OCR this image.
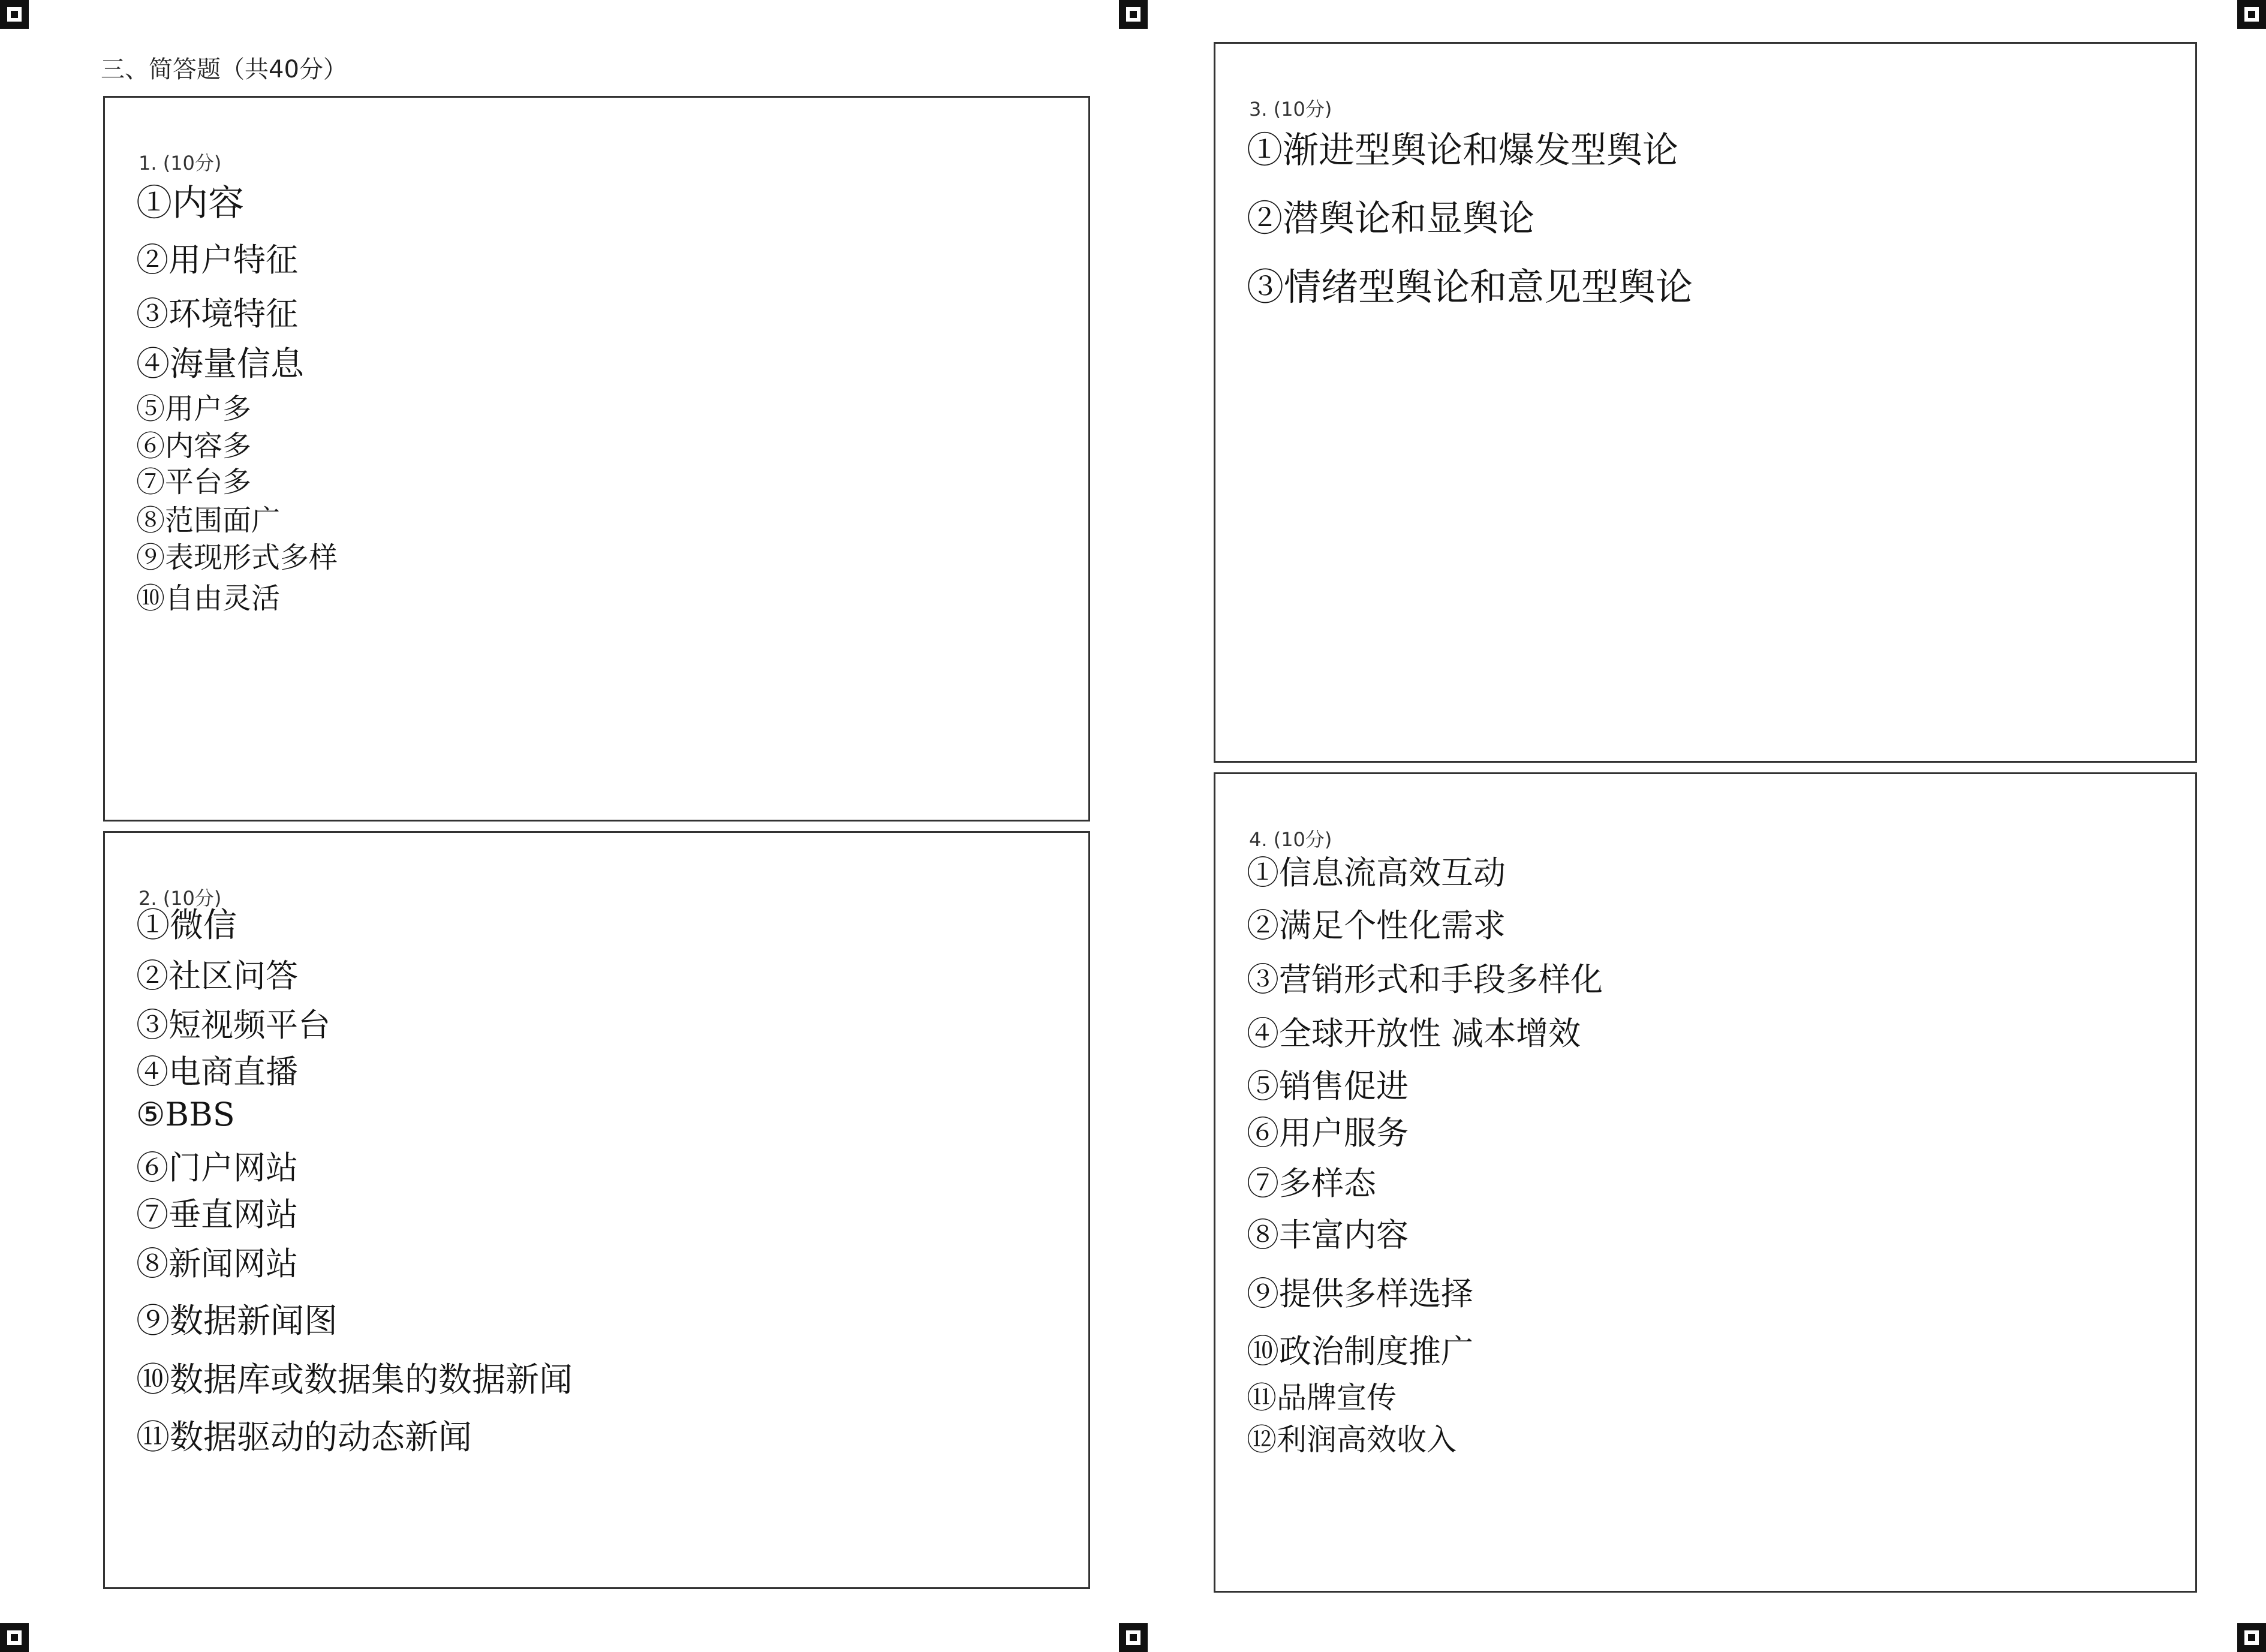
三、简答题（共40分）
1. (10分)
①内容
②用户特征
③环境特征
④海量信息
⑤用户多
⑥内容多
⑦平台多
⑧范围面广
⑨表现形式多样
⑩自由灵活
2. (10分)
①微信
②社区问答
③短视频平台
④电商直播
⑤BBS
⑥门户网站
⑦垂直网站
⑧新闻网站
⑨数据新闻图
⑩数据库或数据集的数据新闻
⑪数据驱动的动态新闻
3. (10分)
①渐进型舆论和爆发型舆论
②潜舆论和显舆论
③情绪型舆论和意见型舆论
4. (10分)
①信息流高效互动
②满足个性化需求
③营销形式和手段多样化
④全球开放性 减本增效
⑤销售促进
⑥用户服务
⑦多样态
⑧丰富内容
⑨提供多样选择
⑩政治制度推广
⑪品牌宣传
⑫利润高效收入
